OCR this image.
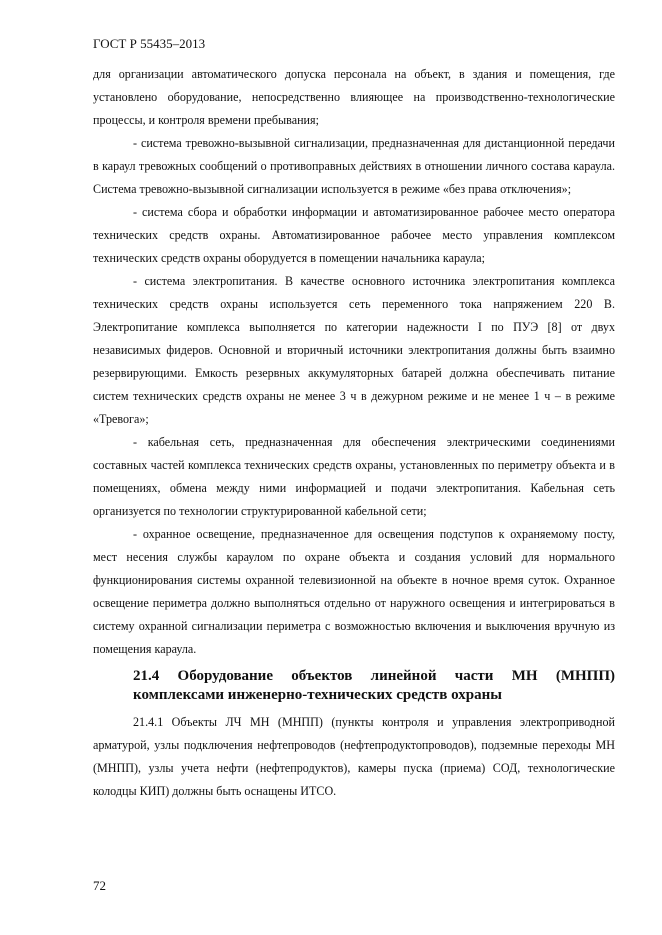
ГОСТ Р 55435–2013

для организации автоматического допуска персонала на объект, в здания и помещения, где установлено оборудование, непосредственно влияющее на производственно-технологические процессы, и контроля времени пребывания;

- система тревожно-вызывной сигнализации, предназначенная для дистанционной передачи в караул тревожных сообщений о противоправных действиях в отношении личного состава караула. Система тревожно-вызывной сигнализации используется в режиме «без права отключения»;

- система сбора и обработки информации и автоматизированное рабочее место оператора технических средств охраны. Автоматизированное рабочее место управления комплексом технических средств охраны оборудуется в помещении начальника караула;

- система электропитания. В качестве основного источника электропитания комплекса технических средств охраны используется сеть переменного тока напряжением 220 В. Электропитание комплекса выполняется по категории надежности I по ПУЭ [8] от двух независимых фидеров. Основной и вторичный источники электропитания должны быть взаимно резервирующими. Емкость резервных аккумуляторных батарей должна обеспечивать питание систем технических средств охраны не менее 3 ч в дежурном режиме и не менее 1 ч – в режиме «Тревога»;

- кабельная сеть, предназначенная для обеспечения электрическими соединениями составных частей комплекса технических средств охраны, установленных по периметру объекта и в помещениях, обмена между ними информацией и подачи электропитания. Кабельная сеть организуется по технологии структурированной кабельной сети;

- охранное освещение, предназначенное для освещения подступов к охраняемому посту, мест несения службы караулом по охране объекта и создания условий для нормального функционирования системы охранной телевизионной на объекте в ночное время суток. Охранное освещение периметра должно выполняться отдельно от наружного освещения и интегрироваться в систему охранной сигнализации периметра с возможностью включения и выключения вручную из помещения караула.

21.4 Оборудование объектов линейной части МН (МНПП) комплексами инженерно-технических средств охраны

21.4.1 Объекты ЛЧ МН (МНПП) (пункты контроля и управления электроприводной арматурой, узлы подключения нефтепроводов (нефтепродуктопроводов), подземные переходы МН (МНПП), узлы учета нефти (нефтепродуктов), камеры пуска (приема) СОД, технологические колодцы КИП) должны быть оснащены ИТСО.

72
